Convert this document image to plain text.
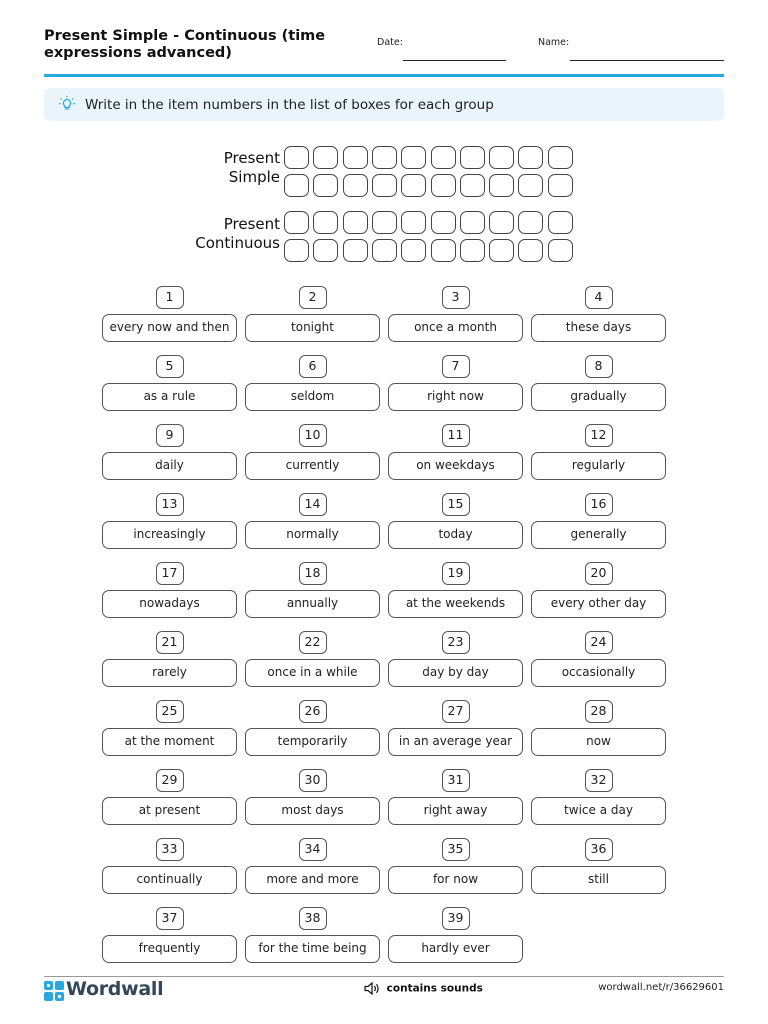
Present Simple - Continuous (time expressions advanced)
Date:	Name:
Write in the item numbers in the list of boxes for each group
Present
Simple
Present
Continuous
1
every now and then
2
tonight
3
once a month
4
these days
5
as a rule
6
seldom
7
right now
8
gradually
9
daily
10
currently
11
on weekdays
12
regularly
13
increasingly
14
normally
15
today
16
generally
17
nowadays
18
annually
19
at the weekends
20
every other day
21
rarely
22
once in a while
23
day by day
24
occasionally
25
at the moment
26
temporarily
27
in an average year
28
now
29
at present
30
most days
31
right away
32
twice a day
33
continually
34
more and more
35
for now
36
still
37
frequently
38
for the time being
39
hardly ever
Wordwall	contains sounds	wordwall.net/r/36629601
